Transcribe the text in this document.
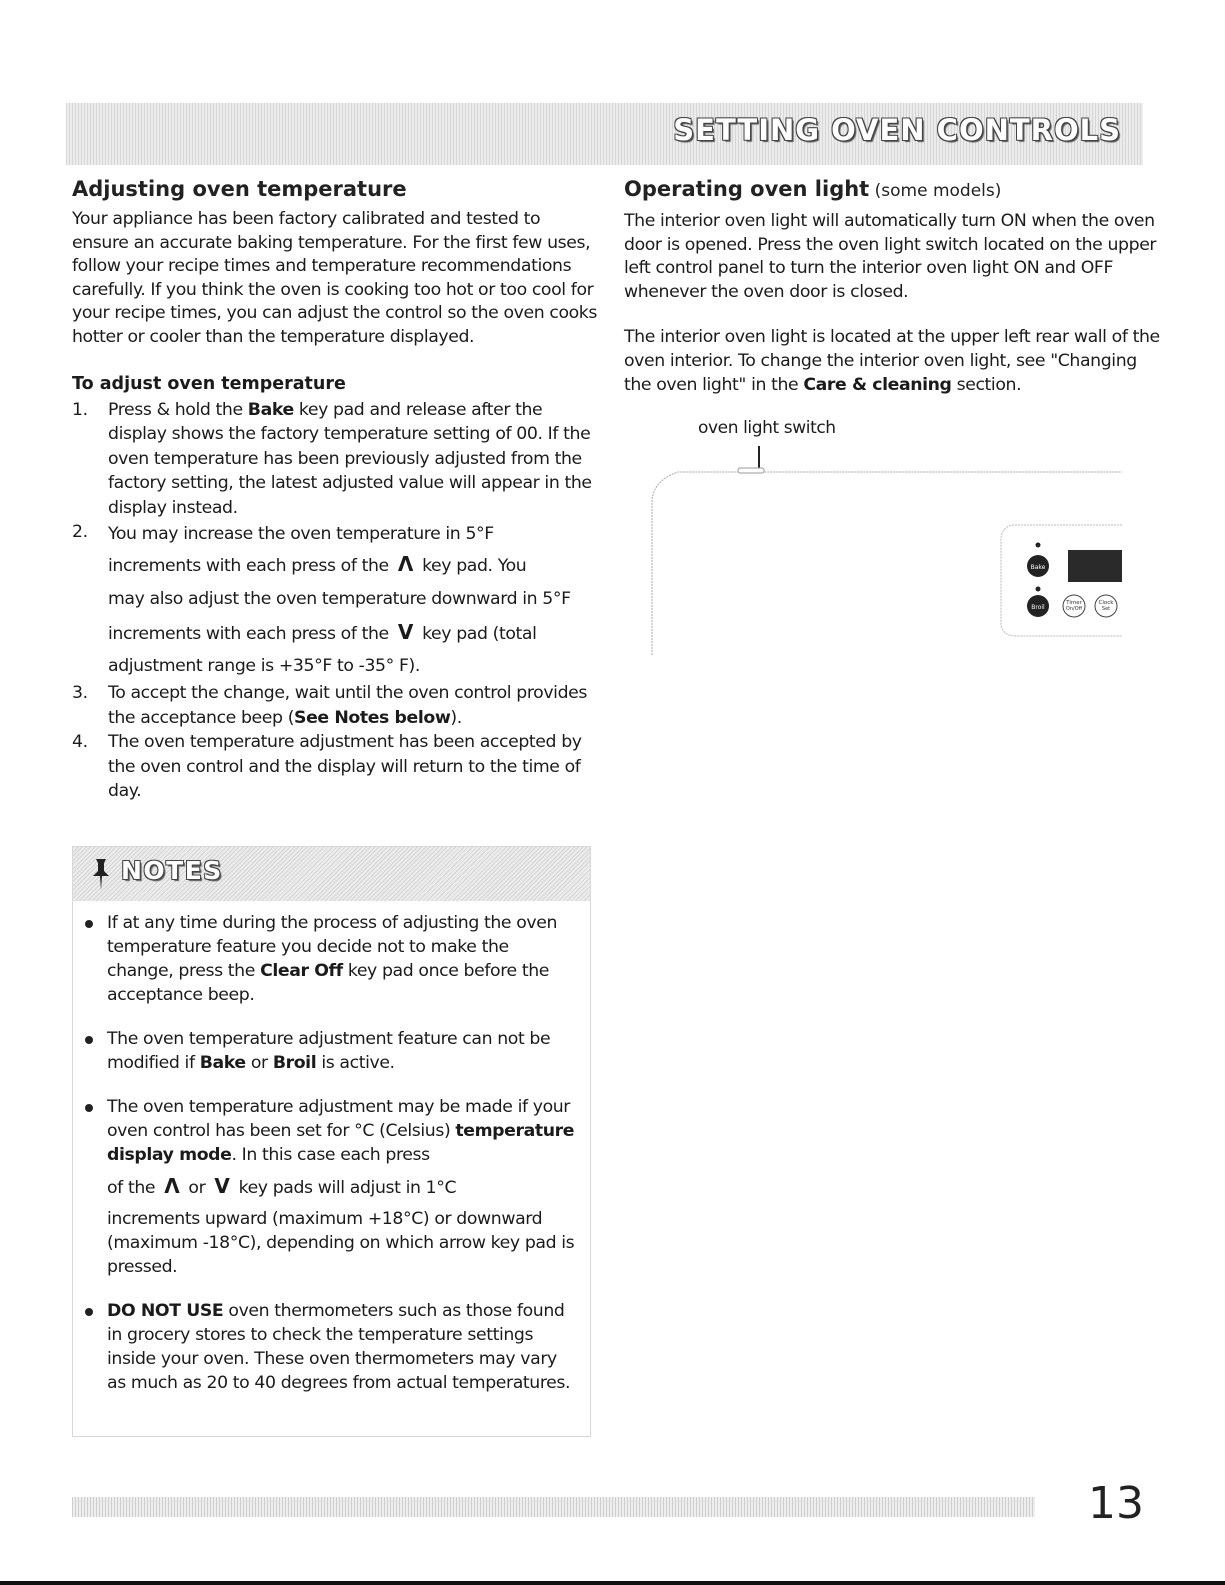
SETTING OVEN CONTROLS
Adjusting oven temperature

Your appliance has been factory calibrated and tested to ensure an accurate baking temperature. For the first few uses, follow your recipe times and temperature recommendations carefully. If you think the oven is cooking too hot or too cool for your recipe times, you can adjust the control so the oven cooks hotter or cooler than the temperature displayed.

To adjust oven temperature
1. Press & hold the Bake key pad and release after the display shows the factory temperature setting of 00. If the oven temperature has been previously adjusted from the factory setting, the latest adjusted value will appear in the display instead.
2. You may increase the oven temperature in 5°F
increments with each press of the Λ key pad. You
may also adjust the oven temperature downward in 5°F
increments with each press of the V key pad (total
adjustment range is +35°F to -35° F).
3. To accept the change, wait until the oven control provides the acceptance beep (See Notes below).
4. The oven temperature adjustment has been accepted by the oven control and the display will return to the time of day.
NOTES
If at any time during the process of adjusting the oven temperature feature you decide not to make the change, press the Clear Off key pad once before the acceptance beep.
The oven temperature adjustment feature can not be modified if Bake or Broil is active.
The oven temperature adjustment may be made if your oven control has been set for °C (Celsius) temperature display mode. In this case each press
of the Λ or V key pads will adjust in 1°C
increments upward (maximum +18°C) or downward (maximum -18°C), depending on which arrow key pad is pressed.
DO NOT USE oven thermometers such as those found in grocery stores to check the temperature settings inside your oven. These oven thermometers may vary as much as 20 to 40 degrees from actual temperatures.
Operating oven light (some models)

The interior oven light will automatically turn ON when the oven door is opened. Press the oven light switch located on the upper left control panel to turn the interior oven light ON and OFF whenever the oven door is closed.

The interior oven light is located at the upper left rear wall of the oven interior. To change the interior oven light, see "Changing the oven light" in the Care & cleaning section.

oven light switch
Bake
Broil
Timer
On/Off
Clock
Set
13
